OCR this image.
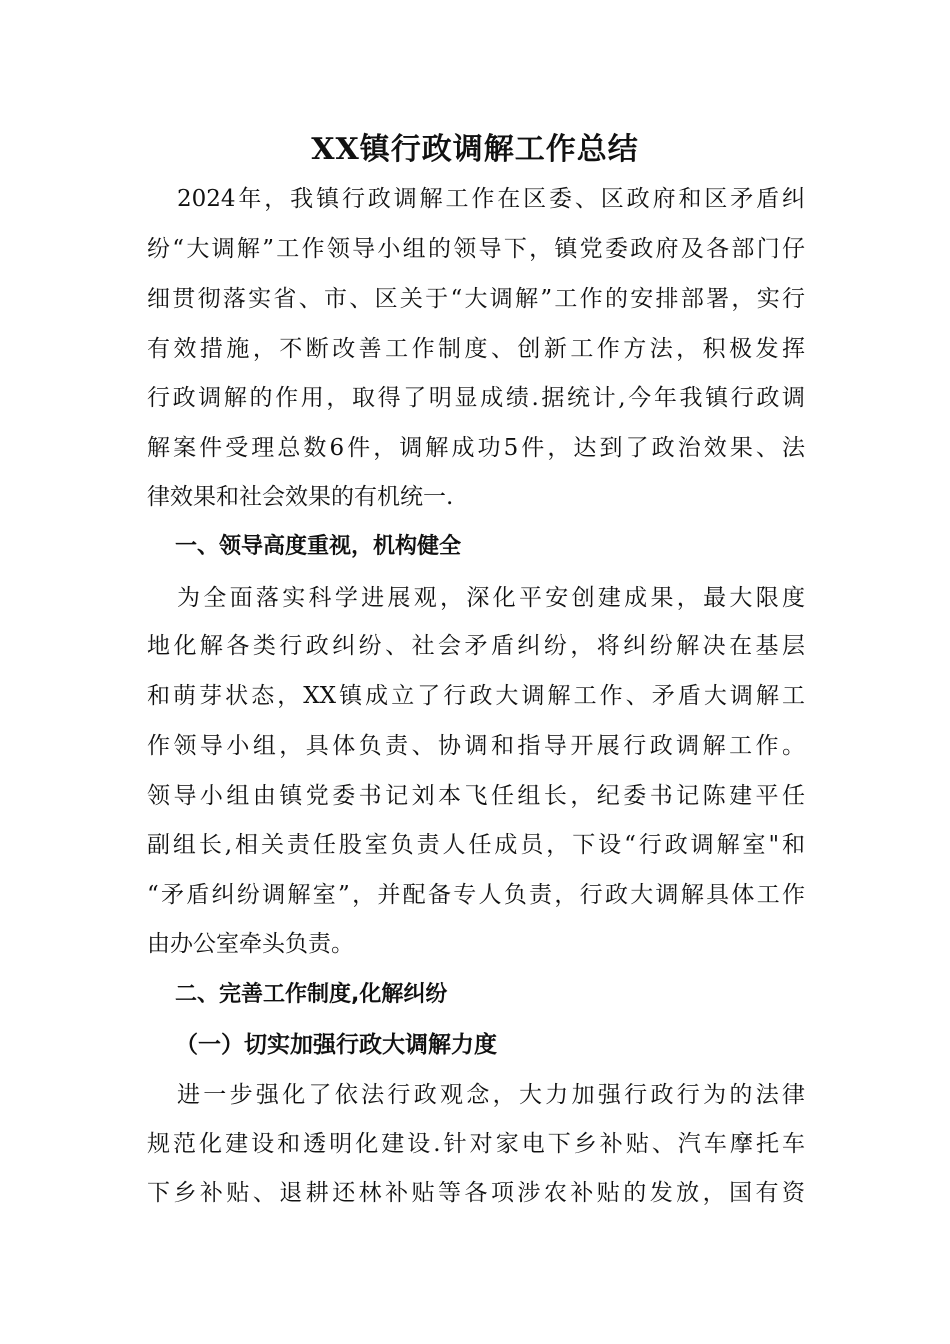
XX镇行政调解工作总结

2024年，我镇行政调解工作在区委、区政府和区矛盾纠

纷“大调解”工作领导小组的领导下，镇党委政府及各部门仔

细贯彻落实省、市、区关于“大调解”工作的安排部署，实行

有效措施，不断改善工作制度、创新工作方法，积极发挥

行政调解的作用，取得了明显成绩.据统计,今年我镇行政调

解案件受理总数6件，调解成功5件，达到了政治效果、法

律效果和社会效果的有机统一.

一、领导高度重视，机构健全

为全面落实科学进展观，深化平安创建成果，最大限度

地化解各类行政纠纷、社会矛盾纠纷，将纠纷解决在基层

和萌芽状态，XX镇成立了行政大调解工作、矛盾大调解工

作领导小组，具体负责、协调和指导开展行政调解工作。

领导小组由镇党委书记刘本飞任组长，纪委书记陈建平任

副组长,相关责任股室负责人任成员，下设“行政调解室"和

“矛盾纠纷调解室”，并配备专人负责，行政大调解具体工作

由办公室牵头负责。

二、完善工作制度,化解纠纷
（一）切实加强行政大调解力度

进一步强化了依法行政观念，大力加强行政行为的法律

规范化建设和透明化建设.针对家电下乡补贴、汽车摩托车

下乡补贴、退耕还林补贴等各项涉农补贴的发放，国有资
